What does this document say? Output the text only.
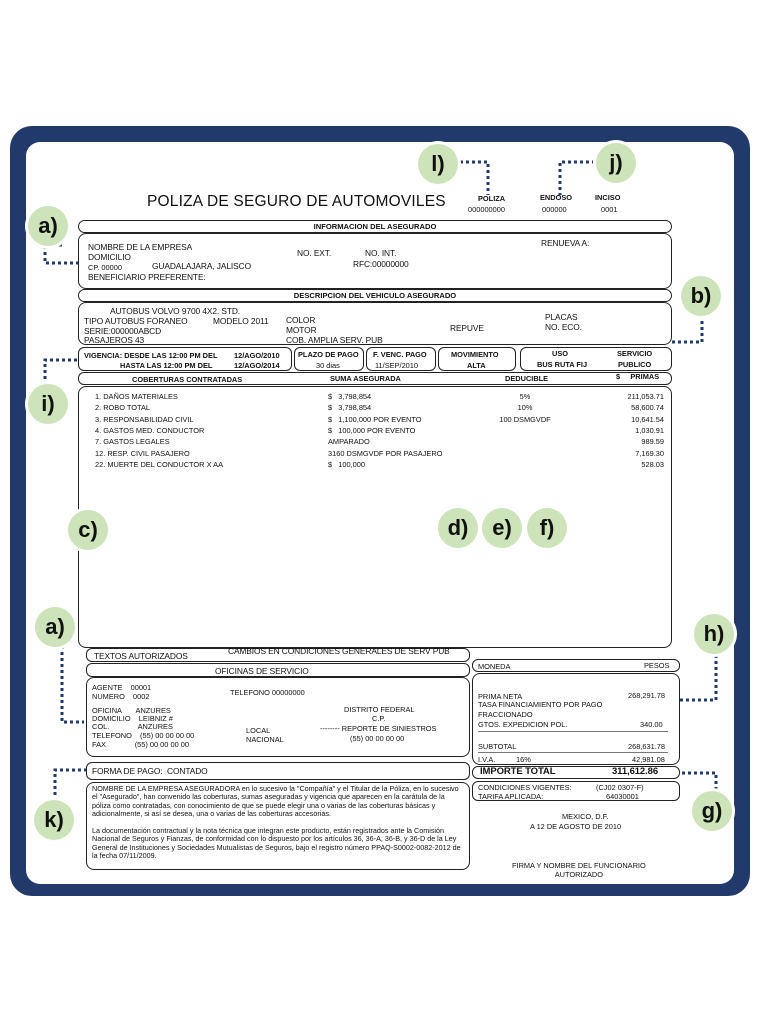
POLIZA DE SEGURO DE AUTOMOVILES	POLIZA
000000000
ENDOSO
000000
INCISO
0001
INFORMACION DEL ASEGURADO
NOMBRE DE LA EMPRESA
DOMICILIO
CP. 00000
BENEFICIARIO PREFERENTE:
GUADALAJARA, JALISCO
NO. EXT.	NO. INT.
RFC:00000000
RENUEVA A:
DESCRIPCION DEL VEHICULO ASEGURADO
AUTOBUS VOLVO 9700 4X2. STD.
TIPO AUTOBUS FORANEO	MODELO 2011
SERIE:000000ABCD
PASAJEROS 43
COLOR
MOTOR
COB. AMPLIA SERV. PUB
REPUVE
PLACAS
NO. ECO.
VIGENCIA: DESDE LAS 12:00 PM DEL 12/AGO/2010
HASTA LAS 12:00 PM DEL	12/AGO/2014
PLAZO DE PAGO
30 dias
F. VENC. PAGO
11/SEP/2010
MOVIMIENTO
ALTA
USO
BUS RUTA FIJ
SERVICIO
PUBLICO
COBERTURAS CONTRATADAS	SUMA ASEGURADA	DEDUCIBLE	$     PRIMAS
1. DAÑOS MATERIALES	$   3,798,854	5%	211,053.71
2. ROBO TOTAL	$   3,798,854	10%	58,600.74
3. RESPONSABILIDAD CIVIL	$   1,100,000 POR EVENTO	100 DSMGVDF	10,641.54
4. GASTOS MED. CONDUCTOR	$   100,000 POR EVENTO	1,030.91
7. GASTOS LEGALES	AMPARADO	989.59
12. RESP. CIVIL PASAJERO	3160 DSMGVDF POR PASAJERO	7,169.30
22. MUERTE DEL CONDUCTOR X AA	$   100,000	528.03
TEXTOS AUTORIZADOS	CAMBIOS EN CONDICIONES GENERALES DE SERV PUB
OFICINAS DE SERVICIO
AGENTE    00001
NUMERO    0002	TELEFONO 00000000
OFICINA       ANZURES
DOMICILIO    LEIBNIZ #
COL.              ANZURES
TELEFONO    (55) 00 00 00 00
FAX              (55) 00 00 00 00
DISTRITO FEDERAL
C.P.
LOCAL	-------- REPORTE DE SINIESTROS
NACIONAL	(55) 00 00 00 00
MONEDA	PESOS
PRIMA NETA	268,291.78
TASA FINANCIAMIENTO POR PAGO
FRACCIONADO
GTOS. EXPEDICION POL.	340.00
SUBTOTAL	268,631.78
I.V.A.	16%	42,981.08
IMPORTE TOTAL	311,612.86
CONDICIONES VIGENTES:	(CJ02 0307-F)
TARIFA APLICADA:	64030001
FORMA DE PAGO:  CONTADO
NOMBRE DE LA EMPRESA ASEGURADORA en lo sucesivo la "Compañía" y el Titular de la Póliza, en lo sucesivo el "Asegurado", han convenido las coberturas, sumas aseguradas y vigencia que aparecen en la carátula de la póliza como contratadas, con conocimiento de que se puede elegir una o varias de las coberturas básicas y adicionalmente, si así se desea, una o varias de las coberturas accesorias.
La documentación contractual y la nota técnica que integran este producto, están registrados ante la Comisión Nacional de Seguros y Fianzas, de conformidad con lo dispuesto por los artículos 36, 36-A, 36-B, y 36-D de la Ley General de Instituciones y Sociedades Mutualistas de Seguros, bajo el registro número PPAQ-S0002-0082-2012 de la fecha 07/11/2009.
MEXICO, D.F.
A 12 DE AGOSTO DE 2010
FIRMA Y NOMBRE DEL FUNCIONARIO
AUTORIZADO
l)	j)
a)
b)
i)
c)	d)	e)	f)
a)	h)
g)
k)
